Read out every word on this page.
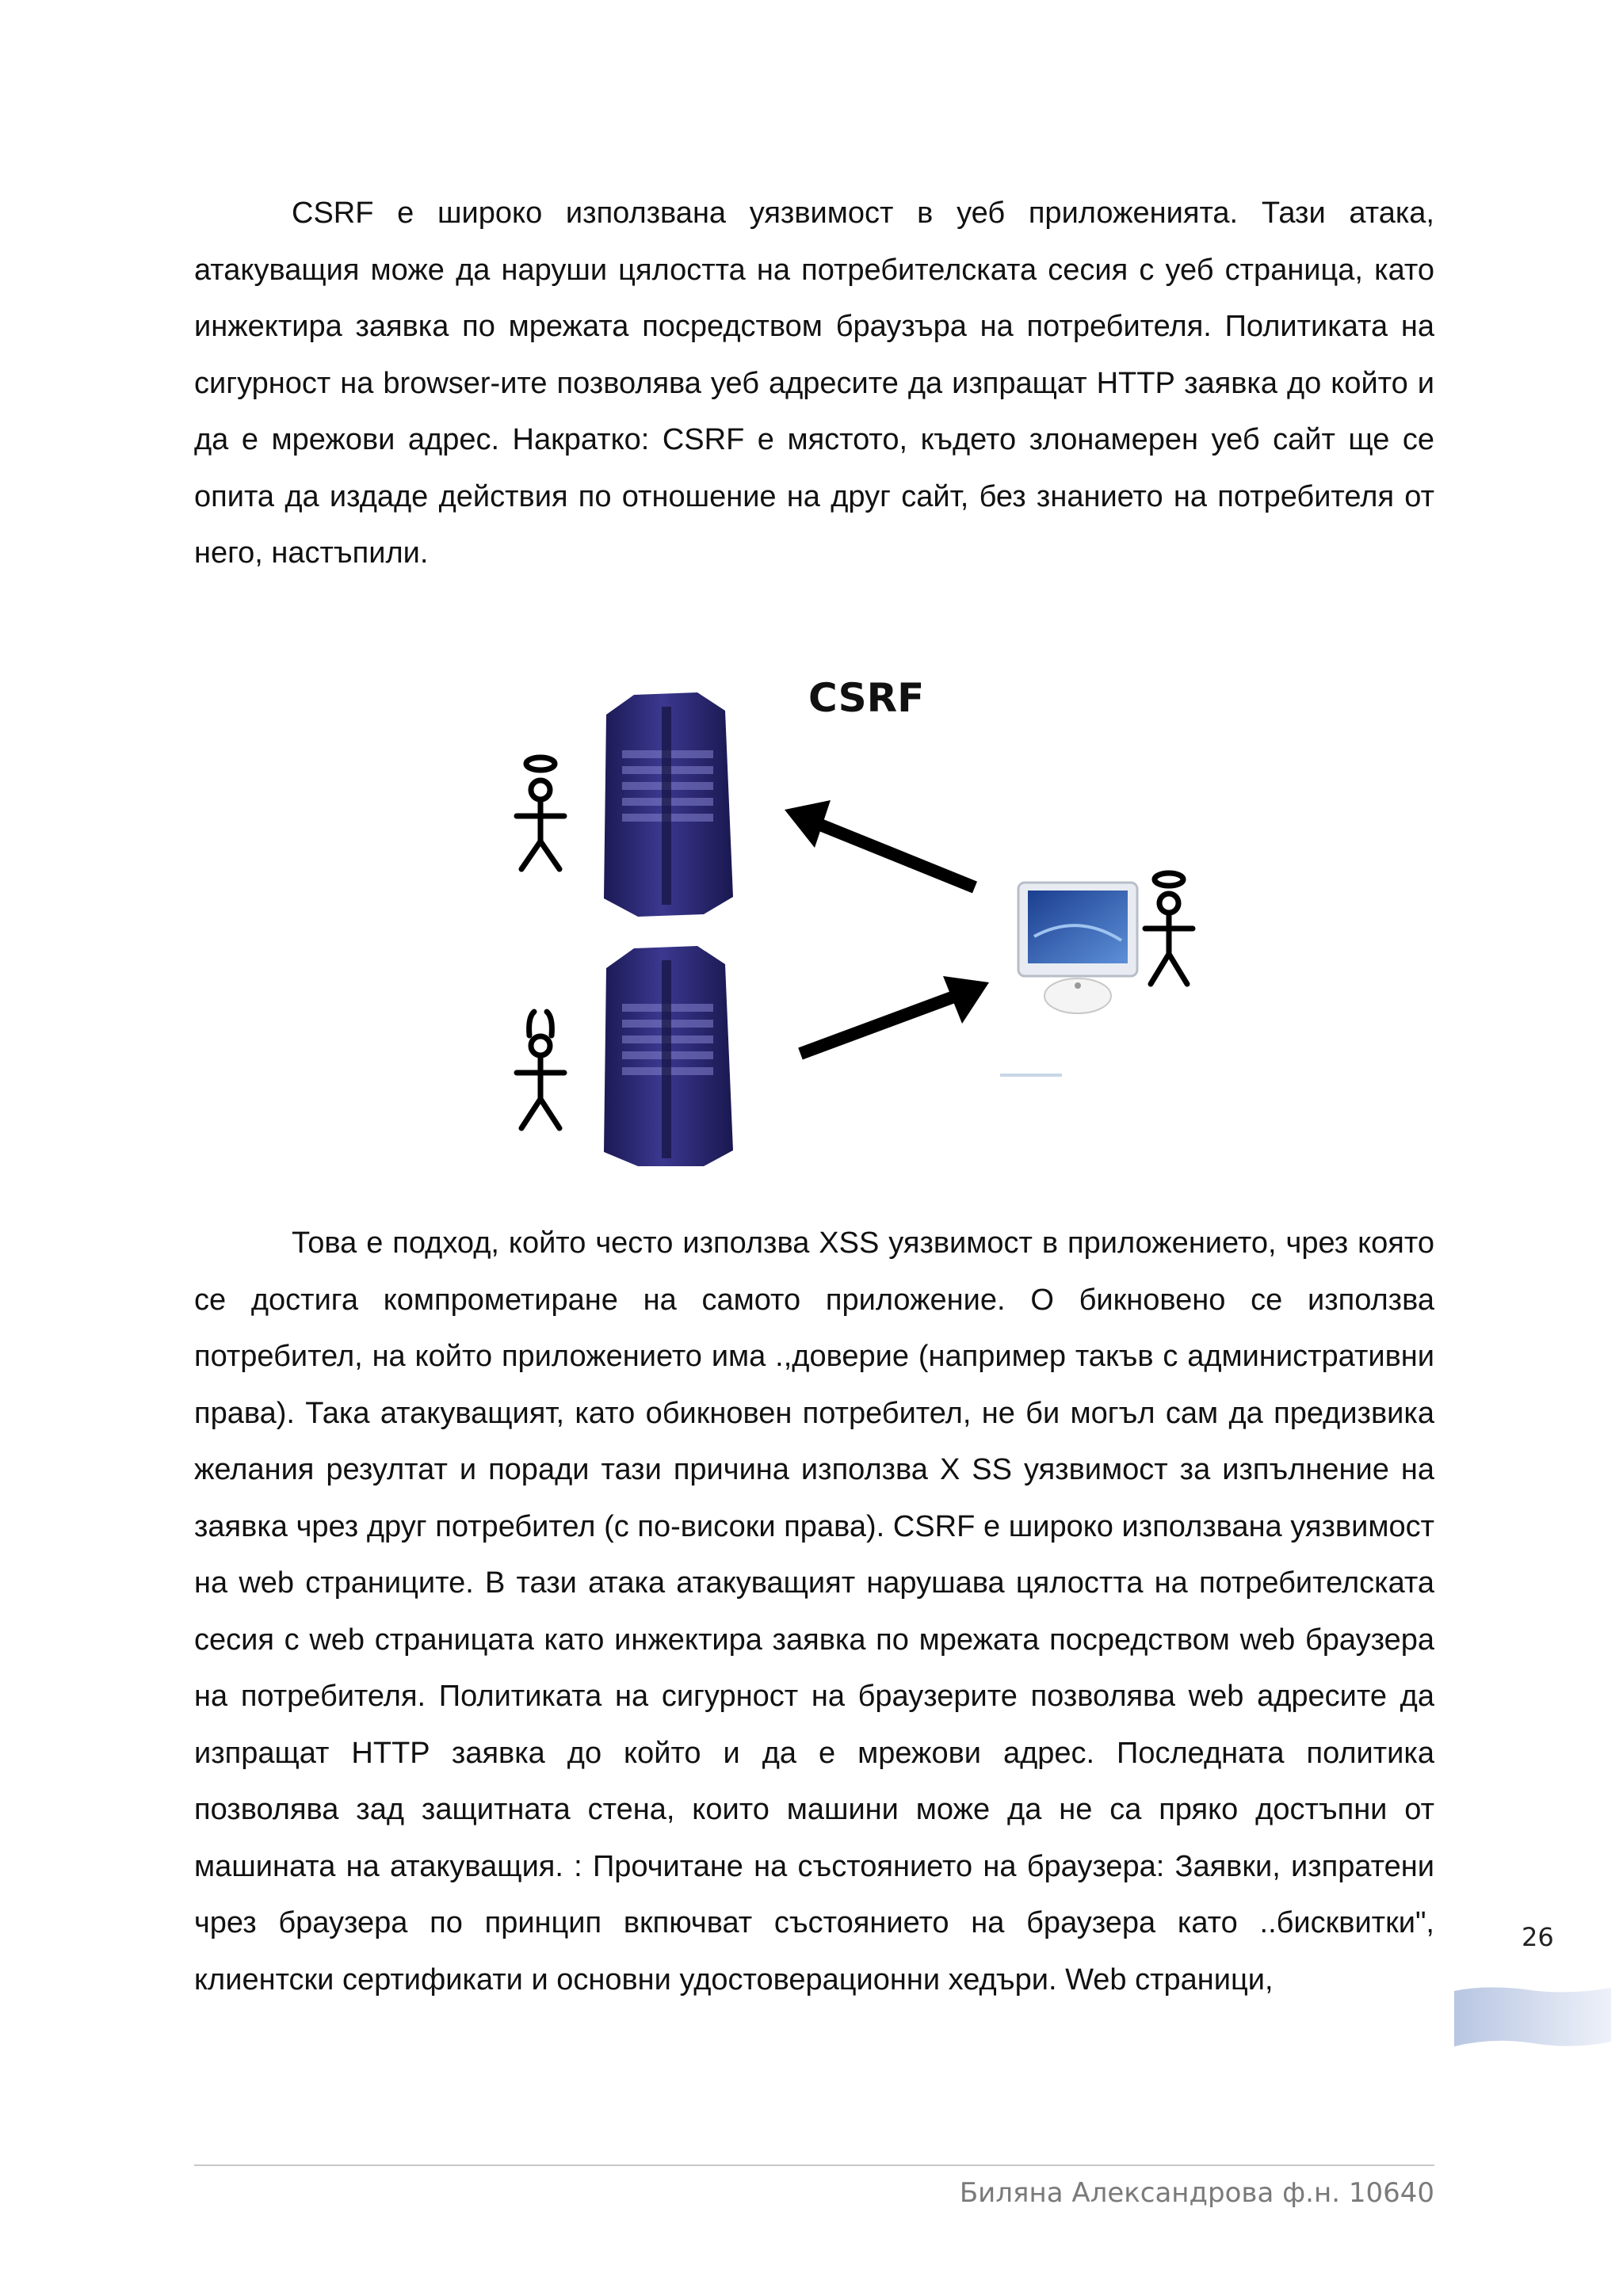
CSRF е широко използвана уязвимост в уеб приложенията. Тази атака, атакуващия може да наруши цялостта на потребителската сесия с уеб страница, като инжектира заявка по мрежата посредством браузъра на потребителя. Политиката на сигурност на browser-ите позволява уеб адресите да изпращат HTTP заявка до който и да е мрежови адрес. Накратко: CSRF е мястото, където злонамерен уеб сайт ще се опита да издаде действия по отношение на друг сайт, без знанието на потребителя от него, настъпили.

CSRF

Това е подход, който често използва XSS уязвимост в приложението, чрез която се достига компрометиране на самото приложение. О бикновено се използва потребител, на който приложението има .,доверие (например такъв с административни права). Така атакуващият, като обикновен потребител, не би могъл сам да предизвика желания резултат и поради тази причина използва X SS уязвимост за изпълнение на заявка чрез друг потребител (с по-високи права). CSRF е широко използвана уязвимост на web страниците. В тази атака атакуващият нарушава цялостта на потребителската сесия с web страницата като инжектира заявка по мрежата посредством web браузера на потребителя. Политиката на сигурност на браузерите позволява web адресите да изпращат HTTP заявка до който и да е мрежови адрес. Последната политика позволява зад защитната стена, които машини може да не са пряко достъпни от машината на атакуващия. : Прочитане на състоянието на браузера: Заявки, изпратени чрез браузера по принцип вкпючват състоянието на браузера като ..бисквитки", клиентски сертификати и основни удостоверационни хедъри. Web страници,

26
Биляна Александрова ф.н. 10640
